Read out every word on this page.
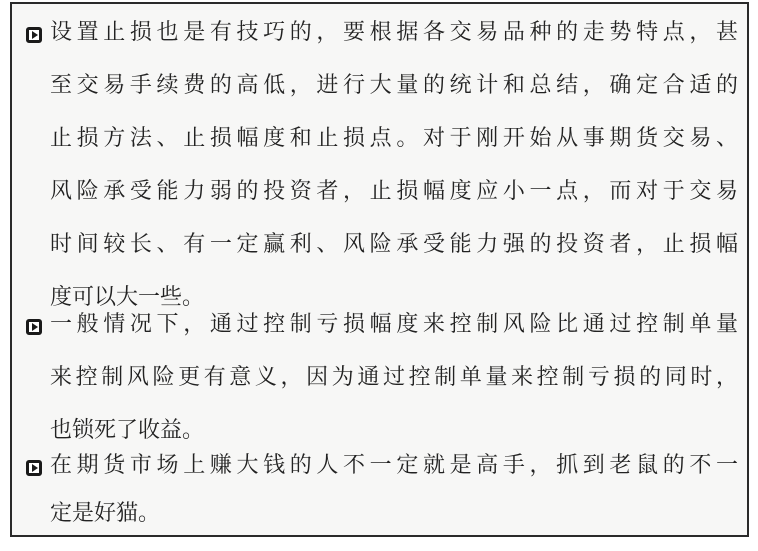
设置止损也是有技巧的，要根据各交易品种的走势特点，甚
至交易手续费的高低，进行大量的统计和总结，确定合适的
止损方法、止损幅度和止损点。对于刚开始从事期货交易、
风险承受能力弱的投资者，止损幅度应小一点，而对于交易
时间较长、有一定赢利、风险承受能力强的投资者，止损幅
度可以大一些。
一般情况下，通过控制亏损幅度来控制风险比通过控制单量
来控制风险更有意义，因为通过控制单量来控制亏损的同时，
也锁死了收益。
在期货市场上赚大钱的人不一定就是高手，抓到老鼠的不一
定是好猫。
